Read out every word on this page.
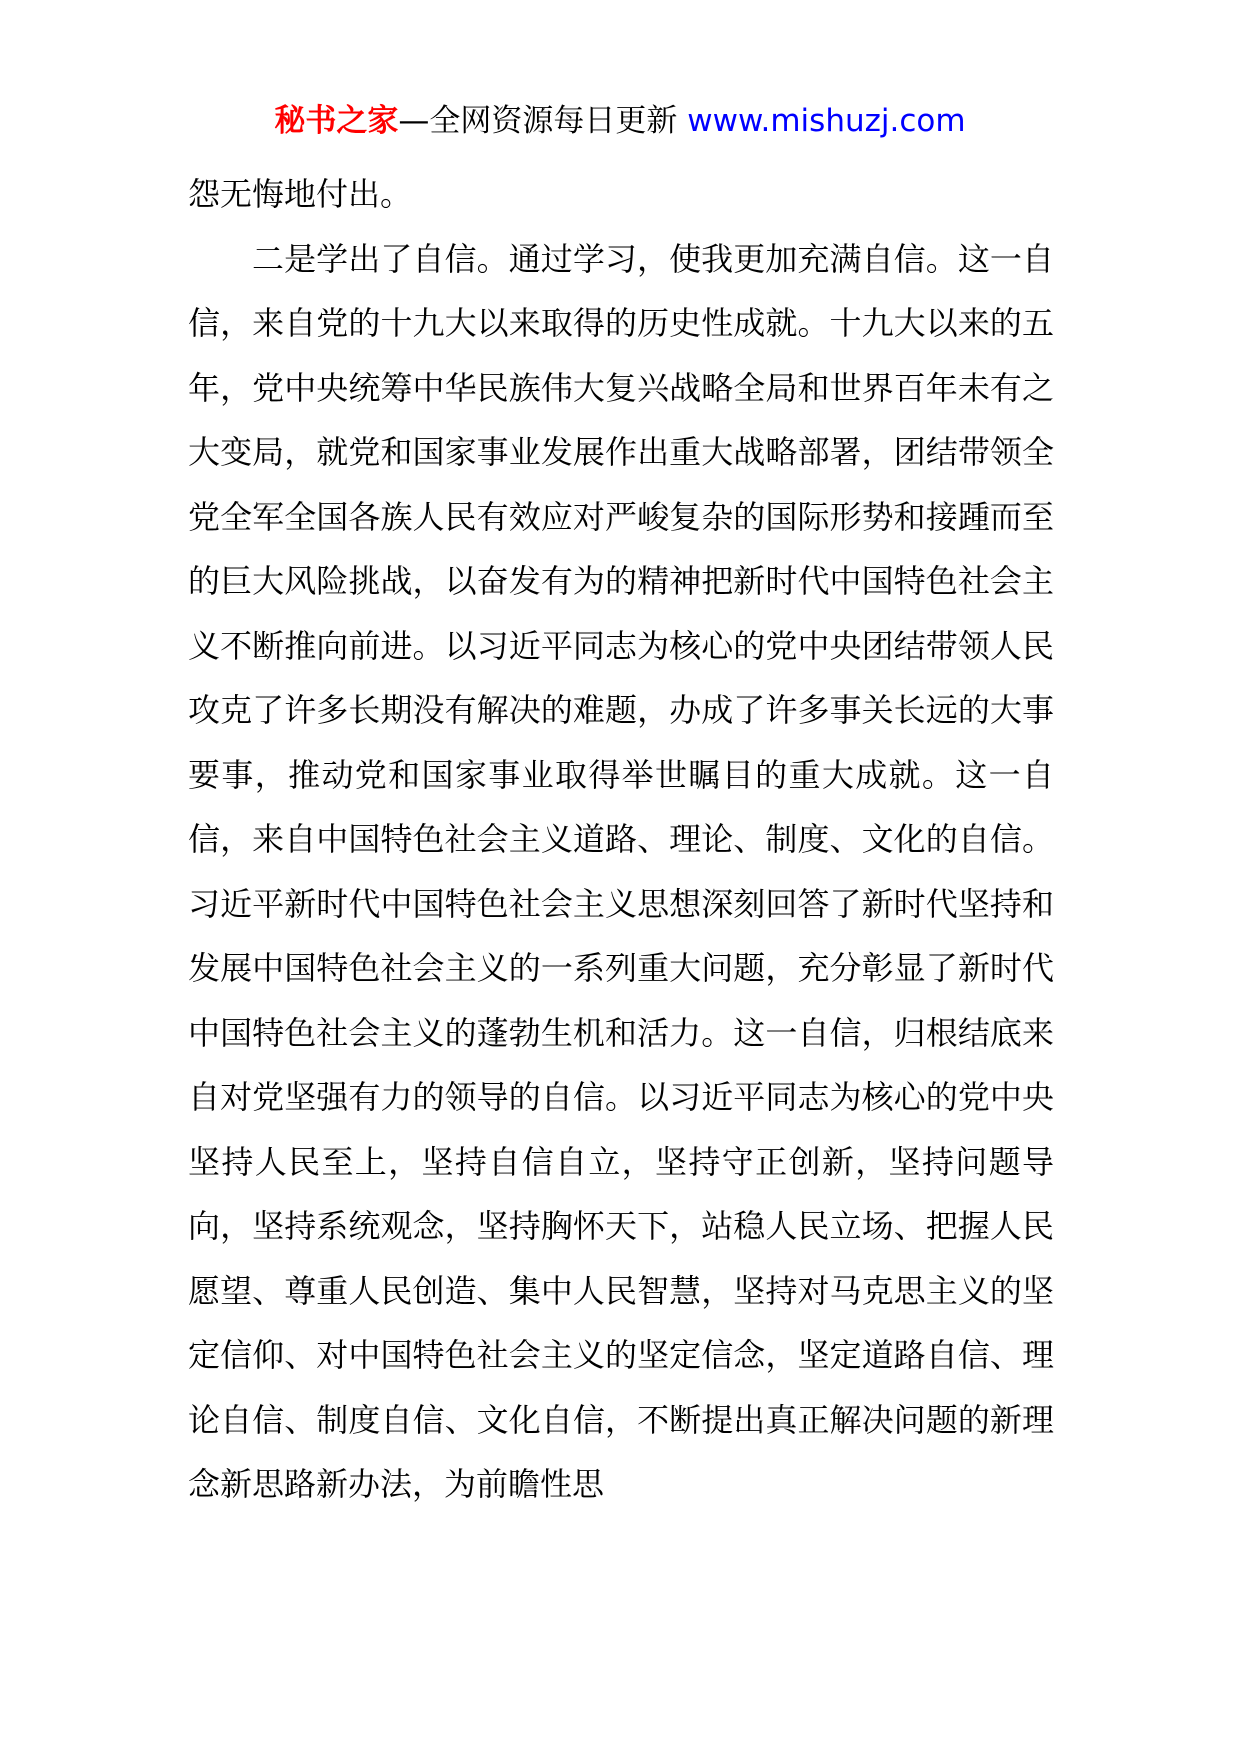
秘书之家—全网资源每日更新 www.mishuzj.com

怨无悔地付出。

二是学出了自信。通过学习，使我更加充满自信。这一自信，来自党的十九大以来取得的历史性成就。十九大以来的五年，党中央统筹中华民族伟大复兴战略全局和世界百年未有之大变局，就党和国家事业发展作出重大战略部署，团结带领全党全军全国各族人民有效应对严峻复杂的国际形势和接踵而至的巨大风险挑战，以奋发有为的精神把新时代中国特色社会主义不断推向前进。以习近平同志为核心的党中央团结带领人民攻克了许多长期没有解决的难题，办成了许多事关长远的大事要事，推动党和国家事业取得举世瞩目的重大成就。这一自信，来自中国特色社会主义道路、理论、制度、文化的自信。习近平新时代中国特色社会主义思想深刻回答了新时代坚持和发展中国特色社会主义的一系列重大问题，充分彰显了新时代中国特色社会主义的蓬勃生机和活力。这一自信，归根结底来自对党坚强有力的领导的自信。以习近平同志为核心的党中央坚持人民至上，坚持自信自立，坚持守正创新，坚持问题导向，坚持系统观念，坚持胸怀天下，站稳人民立场、把握人民愿望、尊重人民创造、集中人民智慧，坚持对马克思主义的坚定信仰、对中国特色社会主义的坚定信念，坚定道路自信、理论自信、制度自信、文化自信，不断提出真正解决问题的新理念新思路新办法，为前瞻性思
